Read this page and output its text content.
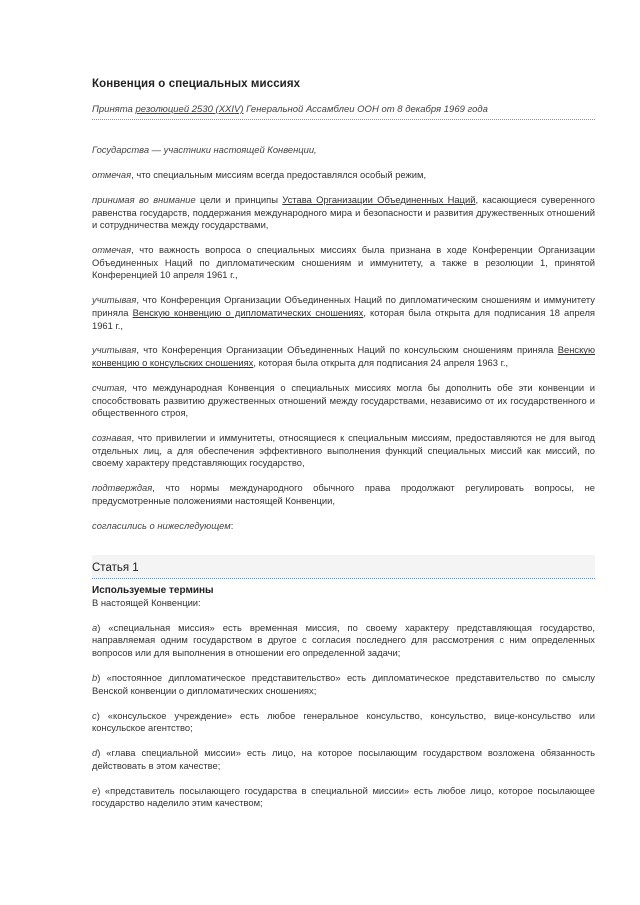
Конвенция о специальных миссиях
Принята резолюцией 2530 (XXIV) Генеральной Ассамблеи ООН от 8 декабря 1969 года

Государства — участники настоящей Конвенции,

отмечая, что специальным миссиям всегда предоставлялся особый режим,

принимая во внимание цели и принципы Устава Организации Объединенных Наций, касающиеся суверенного равенства государств, поддержания международного мира и безопасности и развития дружественных отношений и сотрудничества между государствами,

отмечая, что важность вопроса о специальных миссиях была признана в ходе Конференции Организации Объединенных Наций по дипломатическим сношениям и иммунитету, а также в резолюции 1, принятой Конференцией 10 апреля 1961 г.,

учитывая, что Конференция Организации Объединенных Наций по дипломатическим сношениям и иммунитету приняла Венскую конвенцию о дипломатических сношениях, которая была открыта для подписания 18 апреля 1961 г.,

учитывая, что Конференция Организации Объединенных Наций по консульским сношениям приняла Венскую конвенцию о консульских сношениях, которая была открыта для подписания 24 апреля 1963 г.,

считая, что международная Конвенция о специальных миссиях могла бы дополнить обе эти конвенции и способствовать развитию дружественных отношений между государствами, независимо от их государственного и общественного строя,

сознавая, что привилегии и иммунитеты, относящиеся к специальным миссиям, предоставляются не для выгод отдельных лиц, а для обеспечения эффективного выполнения функций специальных миссий как миссий, по своему характеру представляющих государство,

подтверждая, что нормы международного обычного права продолжают регулировать вопросы, не предусмотренные положениями настоящей Конвенции,

согласились о нижеследующем:

Статья 1
Используемые термины

В настоящей Конвенции:

a) «специальная миссия» есть временная миссия, по своему характеру представляющая государство, направляемая одним государством в другое с согласия последнего для рассмотрения с ним определенных вопросов или для выполнения в отношении его определенной задачи;

b) «постоянное дипломатическое представительство» есть дипломатическое представительство по смыслу Венской конвенции о дипломатических сношениях;

c) «консульское учреждение» есть любое генеральное консульство, консульство, вице-консульство или консульское агентство;

d) «глава специальной миссии» есть лицо, на которое посылающим государством возложена обязанность действовать в этом качестве;

e) «представитель посылающего государства в специальной миссии» есть любое лицо, которое посылающее государство наделило этим качеством;
